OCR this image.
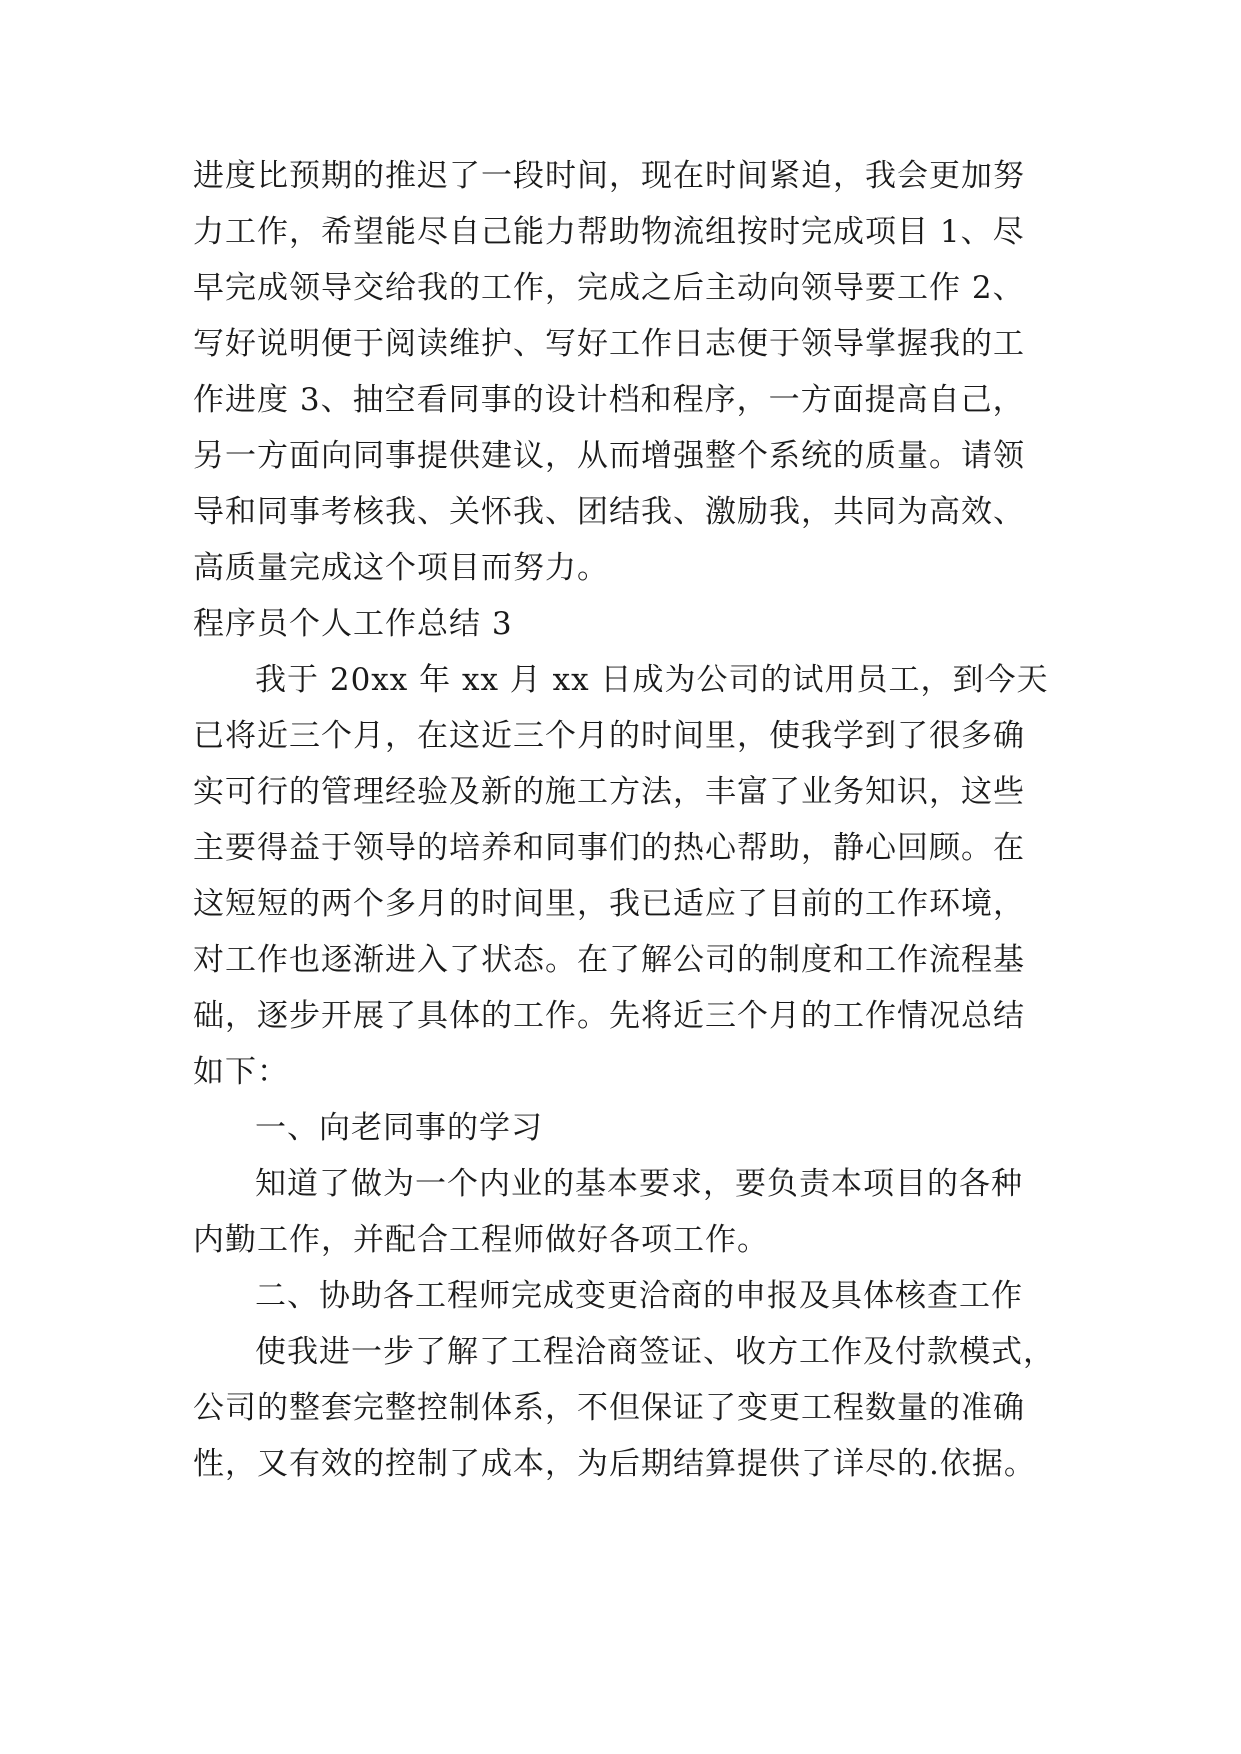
进度比预期的推迟了一段时间，现在时间紧迫，我会更加努
力工作，希望能尽自己能力帮助物流组按时完成项目 1、尽
早完成领导交给我的工作，完成之后主动向领导要工作 2、
写好说明便于阅读维护、写好工作日志便于领导掌握我的工
作进度 3、抽空看同事的设计档和程序，一方面提高自己，
另一方面向同事提供建议，从而增强整个系统的质量。请领
导和同事考核我、关怀我、团结我、激励我，共同为高效、
高质量完成这个项目而努力。
程序员个人工作总结 3
我于 20xx 年 xx 月 xx 日成为公司的试用员工，到今天
已将近三个月，在这近三个月的时间里，使我学到了很多确
实可行的管理经验及新的施工方法，丰富了业务知识，这些
主要得益于领导的培养和同事们的热心帮助，静心回顾。在
这短短的两个多月的时间里，我已适应了目前的工作环境，
对工作也逐渐进入了状态。在了解公司的制度和工作流程基
础，逐步开展了具体的工作。先将近三个月的工作情况总结
如下：
一、向老同事的学习
知道了做为一个内业的基本要求，要负责本项目的各种
内勤工作，并配合工程师做好各项工作。
二、协助各工程师完成变更洽商的申报及具体核查工作
使我进一步了解了工程洽商签证、收方工作及付款模式，
公司的整套完整控制体系，不但保证了变更工程数量的准确
性，又有效的控制了成本，为后期结算提供了详尽的.依据。
